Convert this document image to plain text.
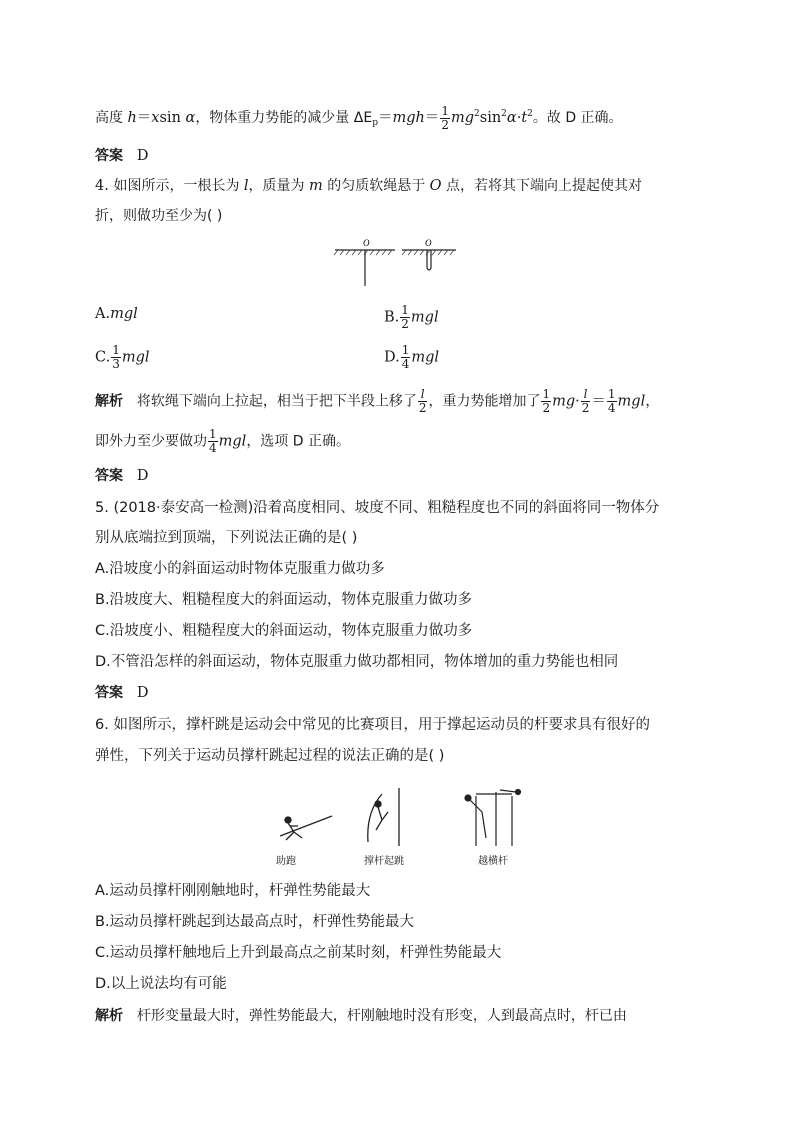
高度 h＝xsin α，物体重力势能的减少量 $\Delta E_p=mgh= \frac{1}{2} mg^2\sin^2\alpha\cdot t^2$。故 D 正确。
答案 D
4. 如图所示，一根长为 l，质量为 m 的匀质软绳悬于 O 点，若将其下端向上提起使其对
折，则做功至少为( )
O	O
A.mgl	B. $\frac{1}{2}$ mgl
C. $\frac{1}{3}$ mgl	D. $\frac{1}{4}$ mgl
解析 将软绳下端向上拉起，相当于把下半段上移了 $\frac{l}{2}$ ，重力势能增加了 $\frac{1}{2} mg\cdot \frac{l}{2} = \frac{1}{4}$ mgl，
即外力至少要做功 $\frac{1}{4}$ mgl，选项 D 正确。
答案 D
5. (2018·泰安高一检测)沿着高度相同、坡度不同、粗糙程度也不同的斜面将同一物体分
别从底端拉到顶端，下列说法正确的是( )
A.沿坡度小的斜面运动时物体克服重力做功多
B.沿坡度大、粗糙程度大的斜面运动，物体克服重力做功多
C.沿坡度小、粗糙程度大的斜面运动，物体克服重力做功多
D.不管沿怎样的斜面运动，物体克服重力做功都相同，物体增加的重力势能也相同
答案 D
6. 如图所示，撑杆跳是运动会中常见的比赛项目，用于撑起运动员的杆要求具有很好的
弹性，下列关于运动员撑杆跳起过程的说法正确的是( )
助跑	撑杆起跳	越横杆
A.运动员撑杆刚刚触地时，杆弹性势能最大
B.运动员撑杆跳起到达最高点时，杆弹性势能最大
C.运动员撑杆触地后上升到最高点之前某时刻，杆弹性势能最大
D.以上说法均有可能
解析 杆形变量最大时，弹性势能最大，杆刚触地时没有形变，人到最高点时，杆已由
